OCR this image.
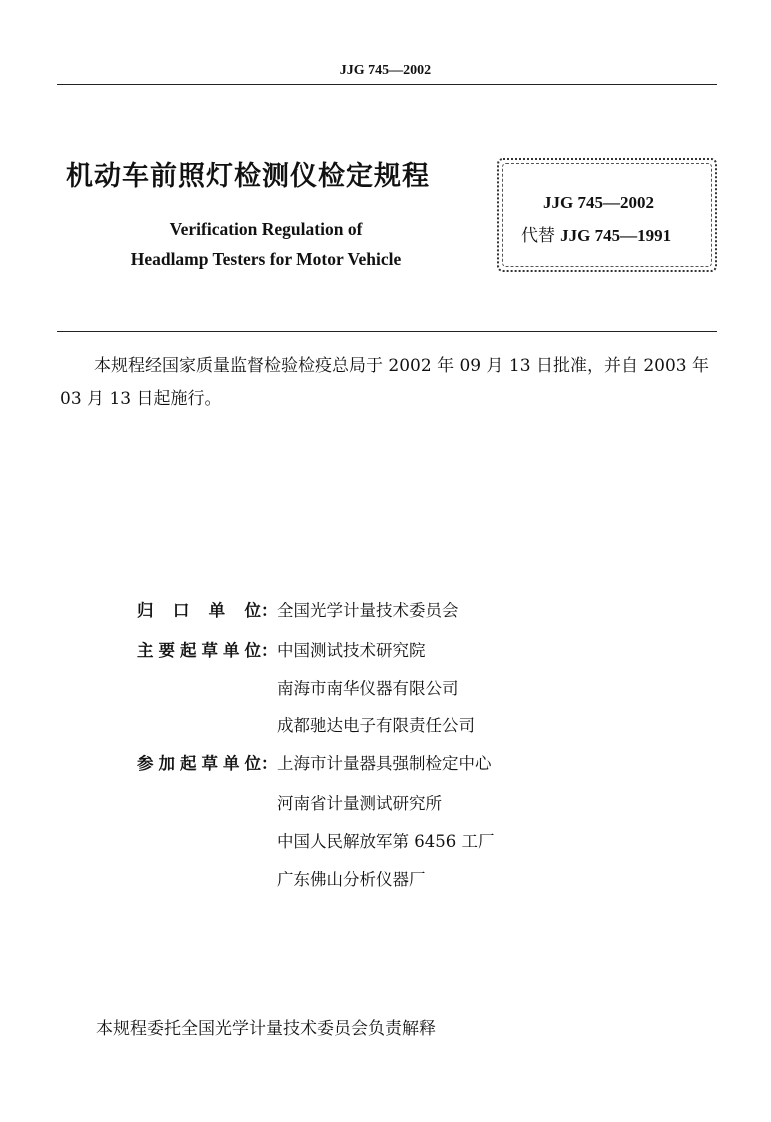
JJG 745—2002
机动车前照灯检测仪检定规程
Verification Regulation of
Headlamp Testers for Motor Vehicle
JJG 745—2002
代替 JJG 745—1991
本规程经国家质量监督检验检疫总局于 2002 年 09 月 13 日批准，并自 2003 年 03 月 13 日起施行。
归口单位 ： 全国光学计量技术委员会
主要起草单位 ： 中国测试技术研究院
南海市南华仪器有限公司
成都驰达电子有限责任公司
参加起草单位 ： 上海市计量器具强制检定中心
河南省计量测试研究所
中国人民解放军第 6456 工厂
广东佛山分析仪器厂
本规程委托全国光学计量技术委员会负责解释
